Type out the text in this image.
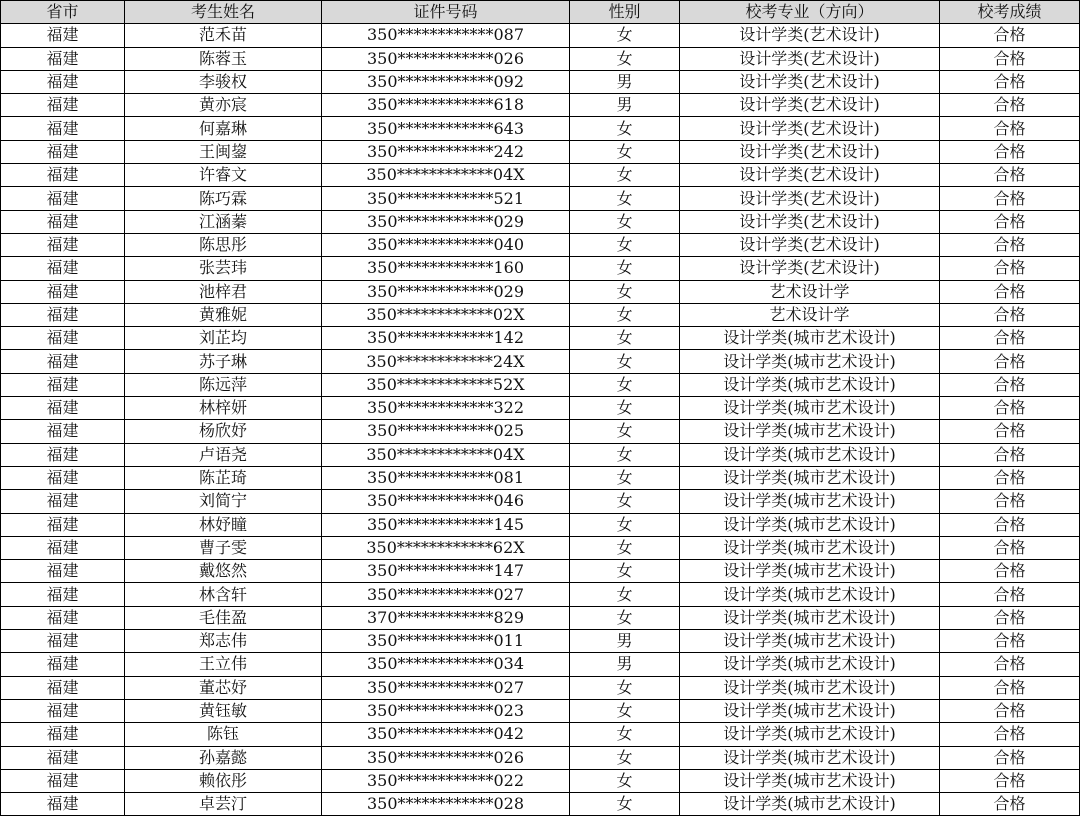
省市	考生姓名	证件号码	性别	校考专业（方向）	校考成绩
福建	范禾苗	350************087	女	设计学类(艺术设计)	合格
福建	陈蓉玉	350************026	女	设计学类(艺术设计)	合格
福建	李骏权	350************092	男	设计学类(艺术设计)	合格
福建	黄亦宸	350************618	男	设计学类(艺术设计)	合格
福建	何嘉琳	350************643	女	设计学类(艺术设计)	合格
福建	王闽鋆	350************242	女	设计学类(艺术设计)	合格
福建	许睿文	350************04X	女	设计学类(艺术设计)	合格
福建	陈巧霖	350************521	女	设计学类(艺术设计)	合格
福建	江涵蓁	350************029	女	设计学类(艺术设计)	合格
福建	陈思彤	350************040	女	设计学类(艺术设计)	合格
福建	张芸玮	350************160	女	设计学类(艺术设计)	合格
福建	池梓君	350************029	女	艺术设计学	合格
福建	黄雅妮	350************02X	女	艺术设计学	合格
福建	刘芷均	350************142	女	设计学类(城市艺术设计)	合格
福建	苏子琳	350************24X	女	设计学类(城市艺术设计)	合格
福建	陈远萍	350************52X	女	设计学类(城市艺术设计)	合格
福建	林梓妍	350************322	女	设计学类(城市艺术设计)	合格
福建	杨欣妤	350************025	女	设计学类(城市艺术设计)	合格
福建	卢语尧	350************04X	女	设计学类(城市艺术设计)	合格
福建	陈芷琦	350************081	女	设计学类(城市艺术设计)	合格
福建	刘简宁	350************046	女	设计学类(城市艺术设计)	合格
福建	林妤瞳	350************145	女	设计学类(城市艺术设计)	合格
福建	曹子雯	350************62X	女	设计学类(城市艺术设计)	合格
福建	戴悠然	350************147	女	设计学类(城市艺术设计)	合格
福建	林含轩	350************027	女	设计学类(城市艺术设计)	合格
福建	毛佳盈	370************829	女	设计学类(城市艺术设计)	合格
福建	郑志伟	350************011	男	设计学类(城市艺术设计)	合格
福建	王立伟	350************034	男	设计学类(城市艺术设计)	合格
福建	董芯妤	350************027	女	设计学类(城市艺术设计)	合格
福建	黄钰敏	350************023	女	设计学类(城市艺术设计)	合格
福建	陈钰	350************042	女	设计学类(城市艺术设计)	合格
福建	孙嘉懿	350************026	女	设计学类(城市艺术设计)	合格
福建	赖依彤	350************022	女	设计学类(城市艺术设计)	合格
福建	卓芸汀	350************028	女	设计学类(城市艺术设计)	合格
